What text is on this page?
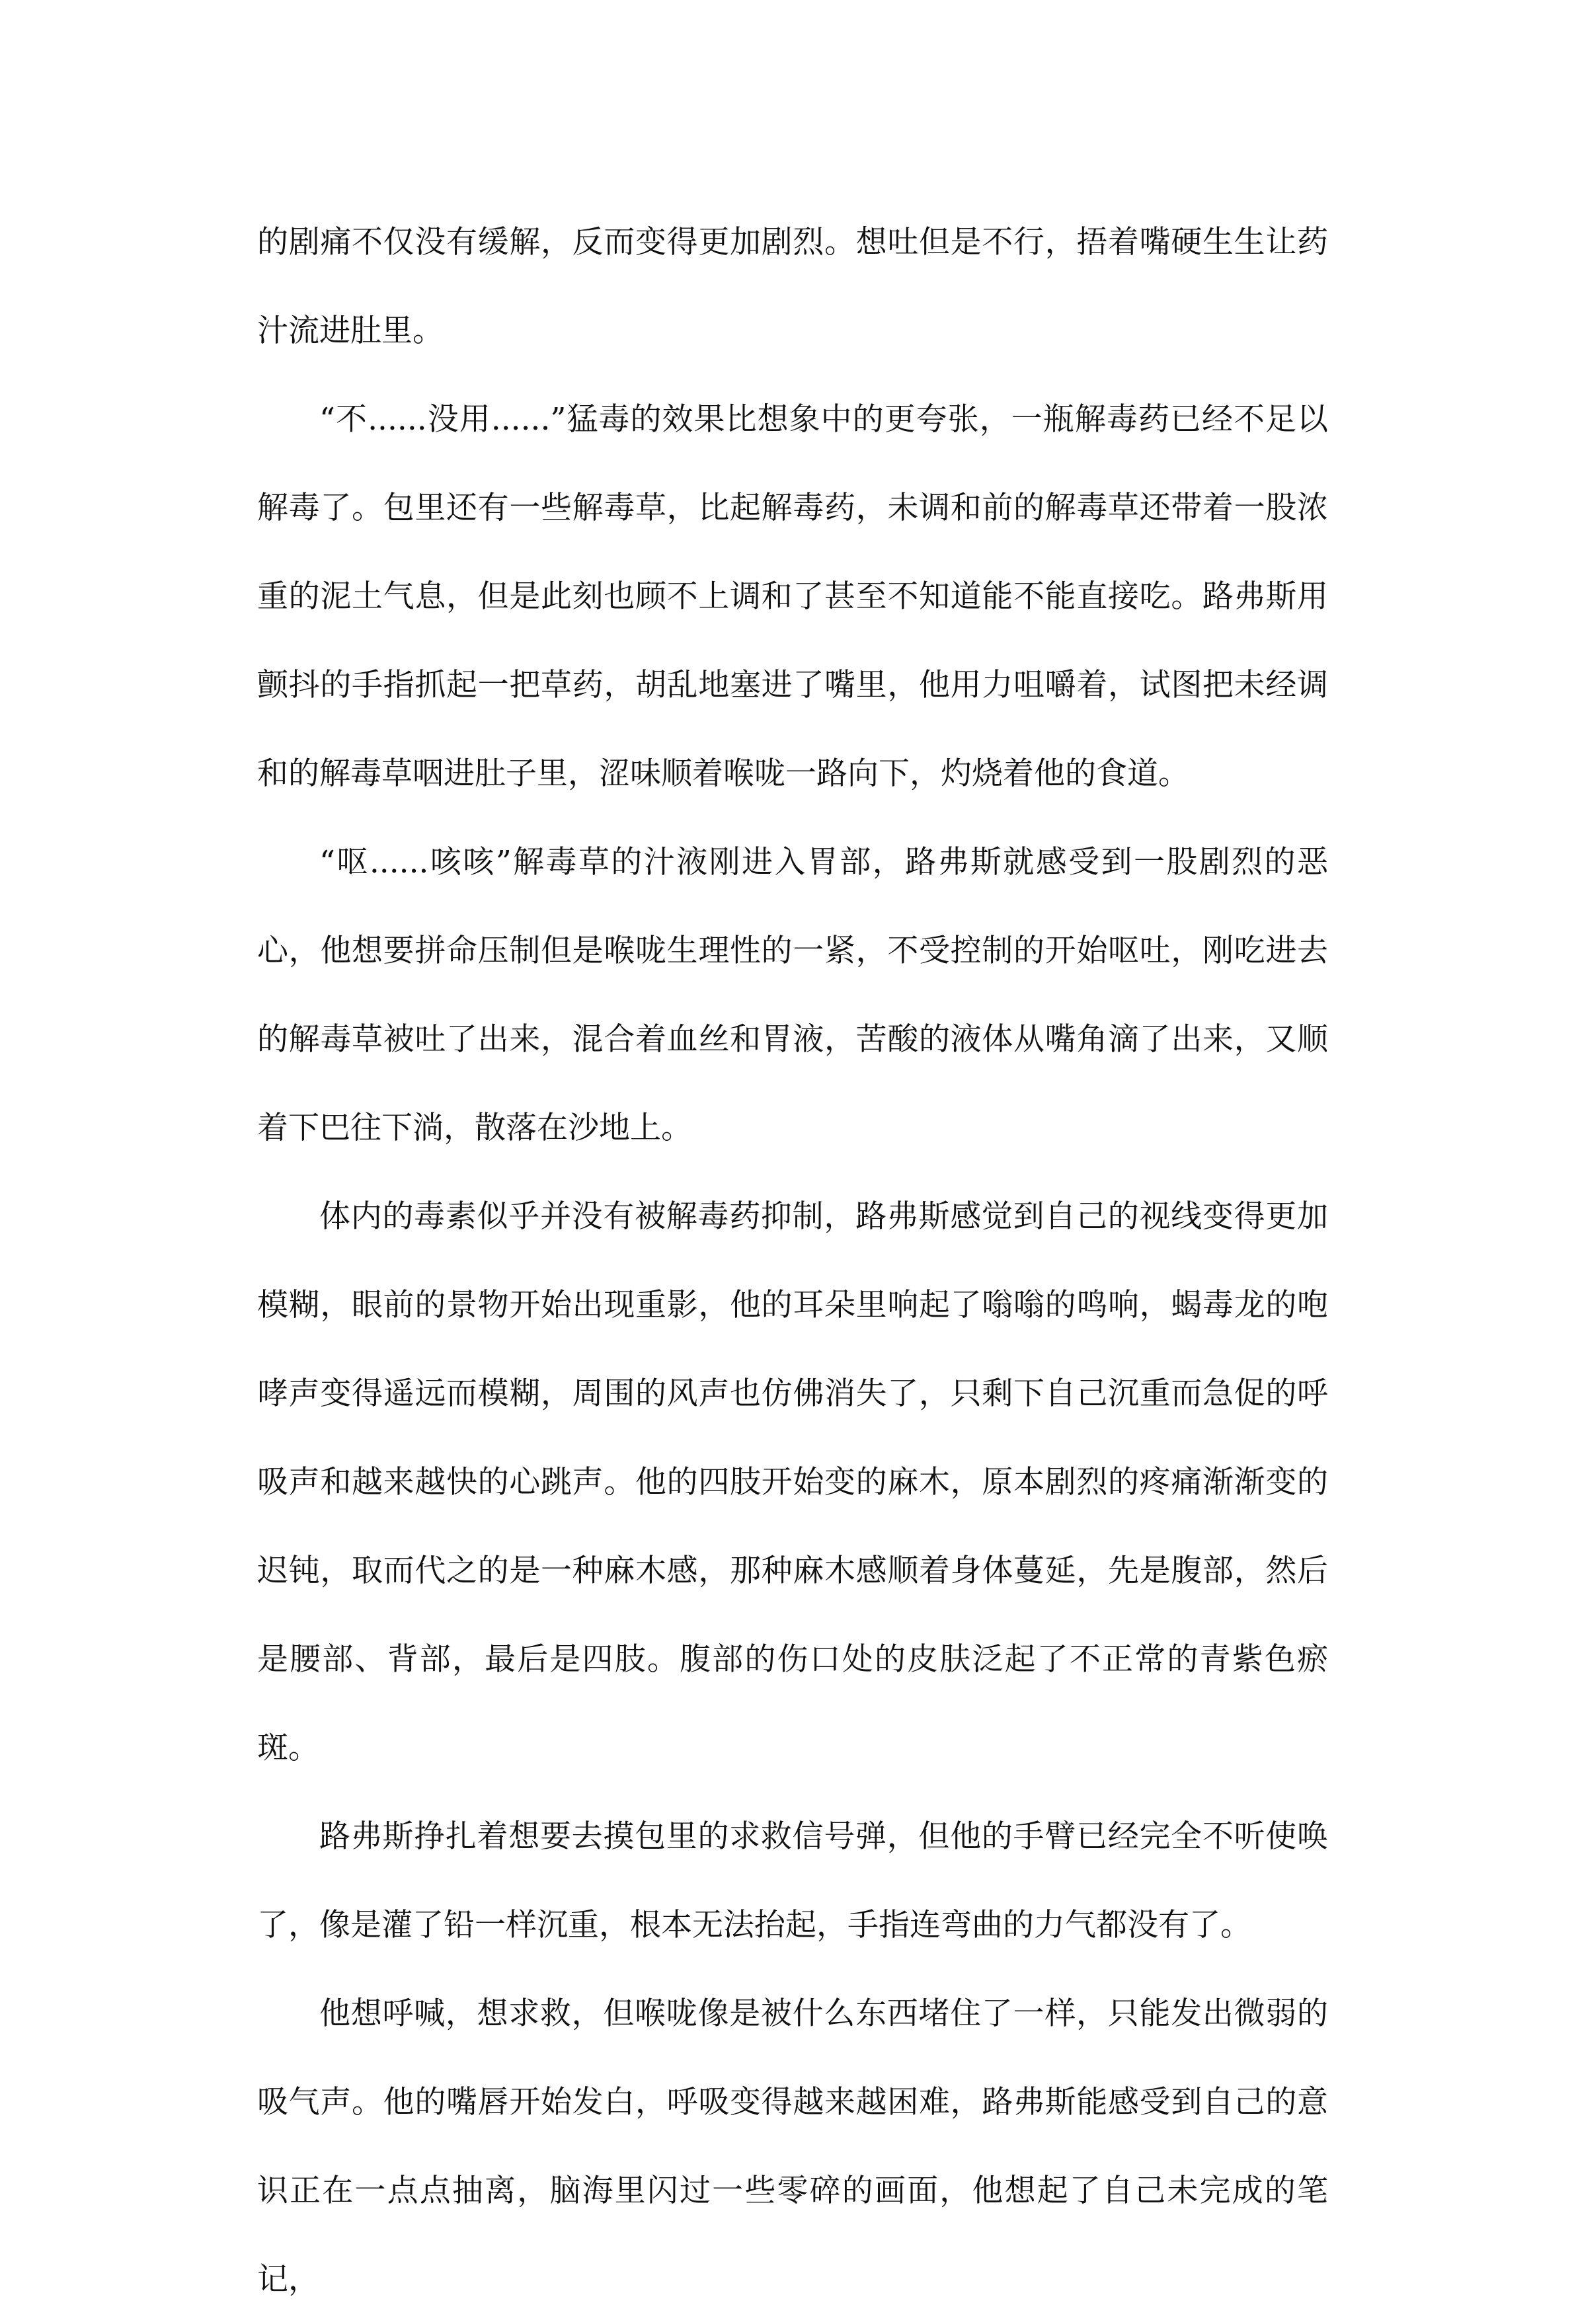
的剧痛不仅没有缓解，反而变得更加剧烈。想吐但是不行，捂着嘴硬生生让药汁流进肚里。

“不......没用......”猛毒的效果比想象中的更夸张，一瓶解毒药已经不足以解毒了。包里还有一些解毒草，比起解毒药，未调和前的解毒草还带着一股浓重的泥土气息，但是此刻也顾不上调和了甚至不知道能不能直接吃。路弗斯用颤抖的手指抓起一把草药，胡乱地塞进了嘴里，他用力咀嚼着，试图把未经调和的解毒草咽进肚子里，涩味顺着喉咙一路向下，灼烧着他的食道。

“呕......咳咳”解毒草的汁液刚进入胃部，路弗斯就感受到一股剧烈的恶心，他想要拼命压制但是喉咙生理性的一紧，不受控制的开始呕吐，刚吃进去的解毒草被吐了出来，混合着血丝和胃液，苦酸的液体从嘴角滴了出来，又顺着下巴往下淌，散落在沙地上。

体内的毒素似乎并没有被解毒药抑制，路弗斯感觉到自己的视线变得更加模糊，眼前的景物开始出现重影，他的耳朵里响起了嗡嗡的鸣响，蝎毒龙的咆哮声变得遥远而模糊，周围的风声也仿佛消失了，只剩下自己沉重而急促的呼吸声和越来越快的心跳声。他的四肢开始变的麻木，原本剧烈的疼痛渐渐变的迟钝，取而代之的是一种麻木感，那种麻木感顺着身体蔓延，先是腹部，然后是腰部、背部，最后是四肢。腹部的伤口处的皮肤泛起了不正常的青紫色瘀斑。

路弗斯挣扎着想要去摸包里的求救信号弹，但他的手臂已经完全不听使唤了，像是灌了铅一样沉重，根本无法抬起，手指连弯曲的力气都没有了。

他想呼喊，想求救，但喉咙像是被什么东西堵住了一样，只能发出微弱的吸气声。他的嘴唇开始发白，呼吸变得越来越困难，路弗斯能感受到自己的意识正在一点点抽离，脑海里闪过一些零碎的画面，他想起了自己未完成的笔记，
